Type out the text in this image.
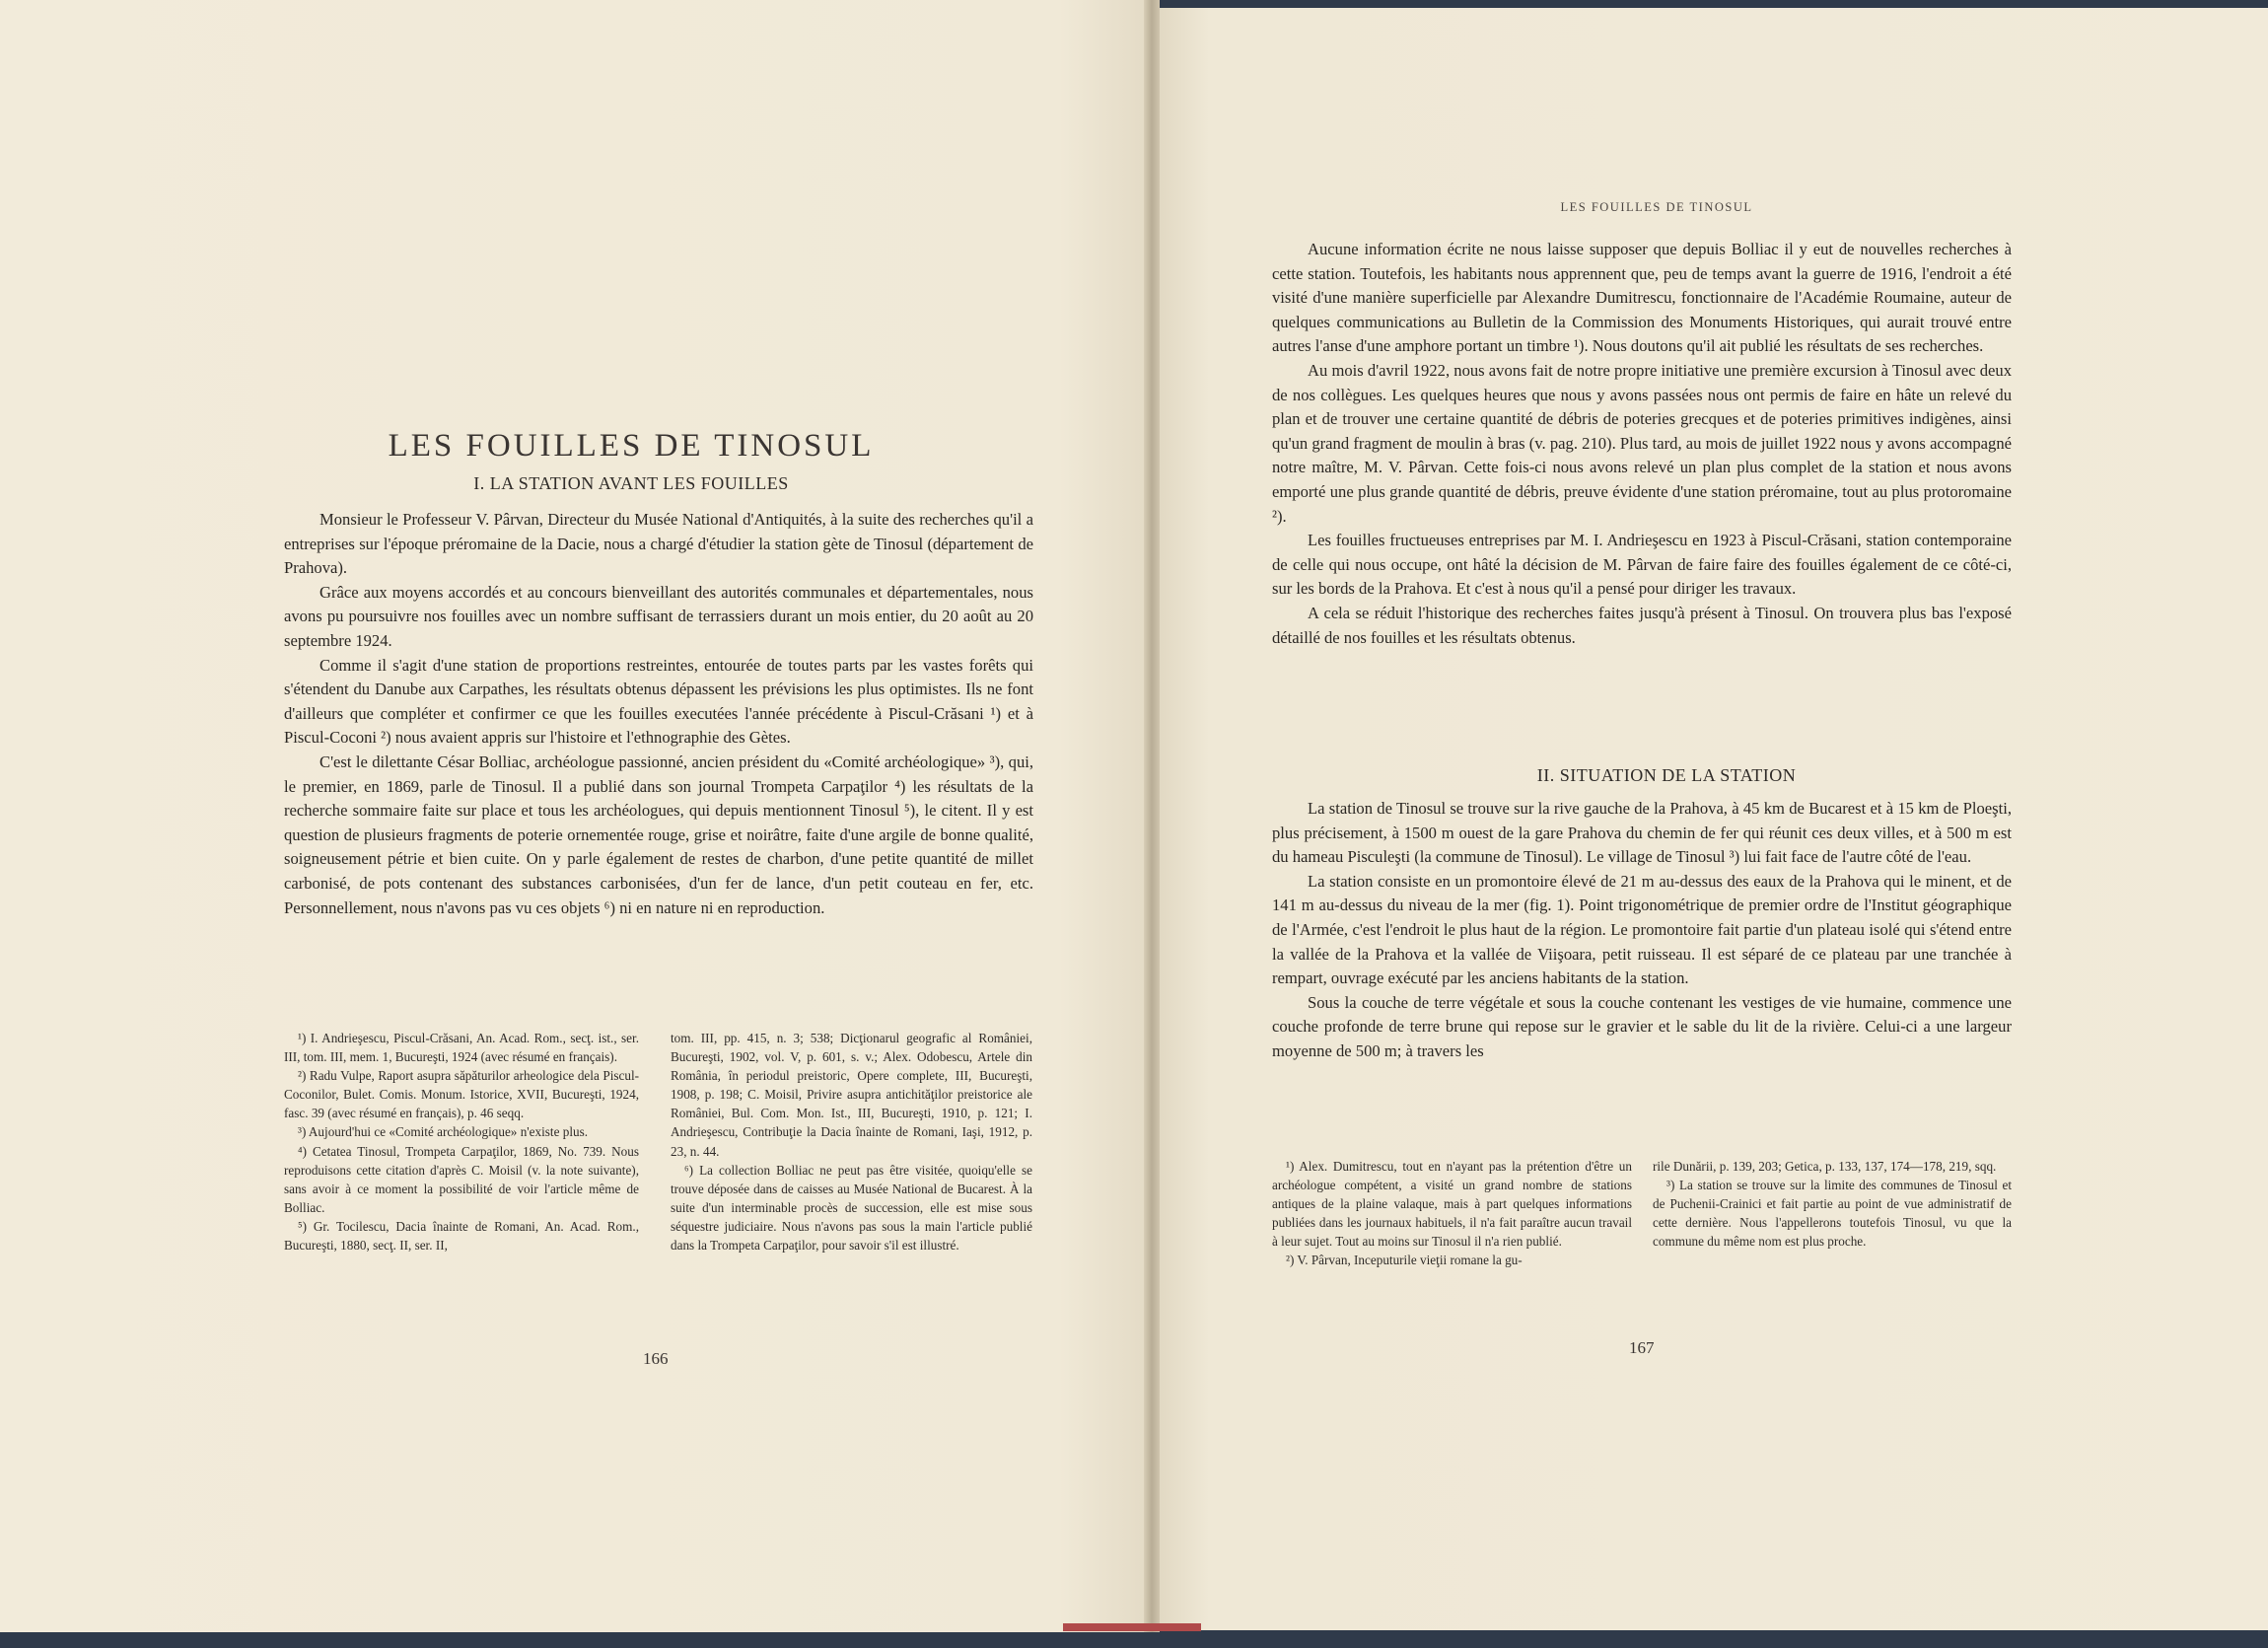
LES FOUILLES DE TINOSUL
I. LA STATION AVANT LES FOUILLES

Monsieur le Professeur V. Pârvan, Directeur du Musée National d'Antiquités, à la suite des recherches qu'il a entreprises sur l'époque préromaine de la Dacie, nous a chargé d'étudier la station gète de Tinosul (département de Prahova).

Grâce aux moyens accordés et au concours bienveillant des autorités communales et départementales, nous avons pu poursuivre nos fouilles avec un nombre suffisant de terrassiers durant un mois entier, du 20 août au 20 septembre 1924.

Comme il s'agit d'une station de proportions restreintes, entourée de toutes parts par les vastes forêts qui s'étendent du Danube aux Carpathes, les résultats obtenus dépassent les prévisions les plus optimistes. Ils ne font d'ailleurs que compléter et confirmer ce que les fouilles executées l'année précédente à Piscul-Crăsani ¹) et à Piscul-Coconi ²) nous avaient appris sur l'histoire et l'ethnographie des Gètes.

C'est le dilettante César Bolliac, archéologue passionné, ancien président du «Comité archéologique» ³), qui, le premier, en 1869, parle de Tinosul. Il a publié dans son journal Trompeta Carpaţilor ⁴) les résultats de la recherche sommaire faite sur place et tous les archéologues, qui depuis mentionnent Tinosul ⁵), le citent. Il y est question de plusieurs fragments de poterie ornementée rouge, grise et noirâtre, faite d'une argile de bonne qualité, soigneusement pétrie et bien cuite. On y parle également de restes de charbon, d'une petite quantité de millet carbonisé, de pots contenant des substances carbonisées, d'un fer de lance, d'un petit couteau en fer, etc. Personnellement, nous n'avons pas vu ces objets ⁶) ni en nature ni en reproduction.

¹) I. Andrieşescu, Piscul-Crăsani, An. Acad. Rom., secţ. ist., ser. III, tom. III, mem. 1, Bucureşti, 1924 (avec résumé en français).

²) Radu Vulpe, Raport asupra săpăturilor arheologice dela Piscul-Coconilor, Bulet. Comis. Monum. Istorice, XVII, Bucureşti, 1924, fasc. 39 (avec résumé en français), p. 46 seqq.

³) Aujourd'hui ce «Comité archéologique» n'existe plus.

⁴) Cetatea Tinosul, Trompeta Carpaţilor, 1869, No. 739. Nous reproduisons cette citation d'après C. Moisil (v. la note suivante), sans avoir à ce moment la possibilité de voir l'article même de Bolliac.

⁵) Gr. Tocilescu, Dacia înainte de Romani, An. Acad. Rom., Bucureşti, 1880, secţ. II, ser. II,

tom. III, pp. 415, n. 3; 538; Dicţionarul geografic al României, Bucureşti, 1902, vol. V, p. 601, s. v.; Alex. Odobescu, Artele din România, în periodul preistoric, Opere complete, III, Bucureşti, 1908, p. 198; C. Moisil, Privire asupra antichităţilor preistorice ale României, Bul. Com. Mon. Ist., III, Bucureşti, 1910, p. 121; I. Andrieşescu, Contribuţie la Dacia înainte de Romani, Iaşi, 1912, p. 23, n. 44.

⁶) La collection Bolliac ne peut pas être visitée, quoiqu'elle se trouve déposée dans de caisses au Musée National de Bucarest. À la suite d'un interminable procès de succession, elle est mise sous séquestre judiciaire. Nous n'avons pas sous la main l'article publié dans la Trompeta Carpaţilor, pour savoir s'il est illustré.

166
LES FOUILLES DE TINOSUL

Aucune information écrite ne nous laisse supposer que depuis Bolliac il y eut de nouvelles recherches à cette station. Toutefois, les habitants nous apprennent que, peu de temps avant la guerre de 1916, l'endroit a été visité d'une manière superficielle par Alexandre Dumitrescu, fonctionnaire de l'Académie Roumaine, auteur de quelques communications au Bulletin de la Commission des Monuments Historiques, qui aurait trouvé entre autres l'anse d'une amphore portant un timbre ¹). Nous doutons qu'il ait publié les résultats de ses recherches.

Au mois d'avril 1922, nous avons fait de notre propre initiative une première excursion à Tinosul avec deux de nos collègues. Les quelques heures que nous y avons passées nous ont permis de faire en hâte un relevé du plan et de trouver une certaine quantité de débris de poteries grecques et de poteries primitives indigènes, ainsi qu'un grand fragment de moulin à bras (v. pag. 210). Plus tard, au mois de juillet 1922 nous y avons accompagné notre maître, M. V. Pârvan. Cette fois-ci nous avons relevé un plan plus complet de la station et nous avons emporté une plus grande quantité de débris, preuve évidente d'une station préromaine, tout au plus protoromaine ²).

Les fouilles fructueuses entreprises par M. I. Andrieşescu en 1923 à Piscul-Crăsani, station contemporaine de celle qui nous occupe, ont hâté la décision de M. Pârvan de faire faire des fouilles également de ce côté-ci, sur les bords de la Prahova. Et c'est à nous qu'il a pensé pour diriger les travaux.

A cela se réduit l'historique des recherches faites jusqu'à présent à Tinosul. On trouvera plus bas l'exposé détaillé de nos fouilles et les résultats obtenus.

II. SITUATION DE LA STATION

La station de Tinosul se trouve sur la rive gauche de la Prahova, à 45 km de Bucarest et à 15 km de Ploeşti, plus précisement, à 1500 m ouest de la gare Prahova du chemin de fer qui réunit ces deux villes, et à 500 m est du hameau Pisculeşti (la commune de Tinosul). Le village de Tinosul ³) lui fait face de l'autre côté de l'eau.

La station consiste en un promontoire élevé de 21 m au-dessus des eaux de la Prahova qui le minent, et de 141 m au-dessus du niveau de la mer (fig. 1). Point trigonométrique de premier ordre de l'Institut géographique de l'Armée, c'est l'endroit le plus haut de la région. Le promontoire fait partie d'un plateau isolé qui s'étend entre la vallée de la Prahova et la vallée de Viişoara, petit ruisseau. Il est séparé de ce plateau par une tranchée à rempart, ouvrage exécuté par les anciens habitants de la station.

Sous la couche de terre végétale et sous la couche contenant les vestiges de vie humaine, commence une couche profonde de terre brune qui repose sur le gravier et le sable du lit de la rivière. Celui-ci a une largeur moyenne de 500 m; à travers les

¹) Alex. Dumitrescu, tout en n'ayant pas la prétention d'être un archéologue compétent, a visité un grand nombre de stations antiques de la plaine valaque, mais à part quelques informations publiées dans les journaux habituels, il n'a fait paraître aucun travail à leur sujet. Tout au moins sur Tinosul il n'a rien publié.

²) V. Pârvan, Inceputurile vieţii romane la gu-

rile Dunării, p. 139, 203; Getica, p. 133, 137, 174—178, 219, sqq.

³) La station se trouve sur la limite des communes de Tinosul et de Puchenii-Crainici et fait partie au point de vue administratif de cette dernière. Nous l'appellerons toutefois Tinosul, vu que la commune du même nom est plus proche.

167
